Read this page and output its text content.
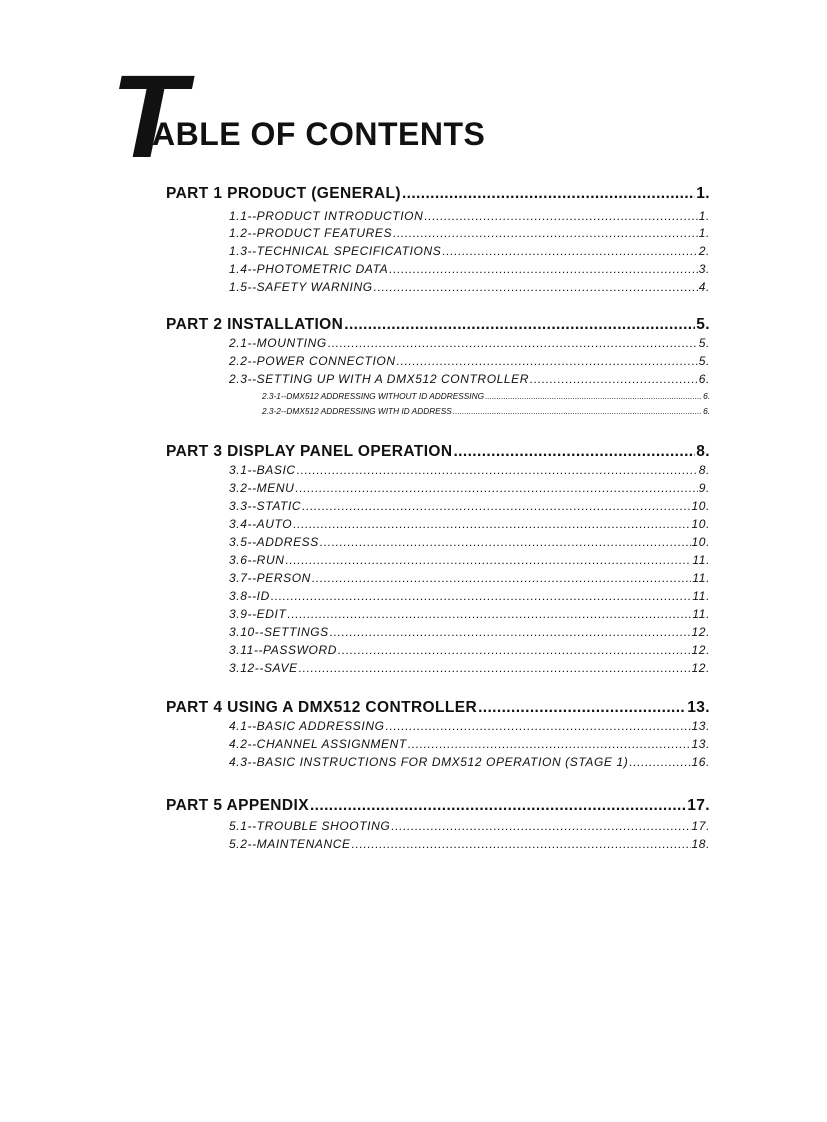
T
ABLE OF CONTENTS
PART 1 PRODUCT (GENERAL) .....	1.
1.1--PRODUCT INTRODUCTION .....	1.
1.2--PRODUCT FEATURES .....	1.
1.3--TECHNICAL SPECIFICATIONS .....	2.
1.4--PHOTOMETRIC DATA .....	3.
1.5--SAFETY WARNING .....	4.
PART 2 INSTALLATION .....	5.
2.1--MOUNTING .....	5.
2.2--POWER CONNECTION .....	5.
2.3--SETTING UP WITH A DMX512 CONTROLLER .....	6.
2.3-1--DMX512 ADDRESSING WITHOUT ID ADDRESSING .....	6.
2.3-2--DMX512 ADDRESSING WITH ID ADDRESS .....	6.
PART 3 DISPLAY PANEL OPERATION .....	8.
3.1--BASIC .....	8.
3.2--MENU .....	9.
3.3--STATIC .....	10.
3.4--AUTO .....	10.
3.5--ADDRESS .....	10.
3.6--RUN .....	11.
3.7--PERSON .....	11.
3.8--ID .....	11.
3.9--EDIT .....	11.
3.10--SETTINGS .....	12.
3.11--PASSWORD .....	12.
3.12--SAVE .....	12.
PART 4 USING A DMX512 CONTROLLER .....	13.
4.1--BASIC ADDRESSING .....	13.
4.2--CHANNEL ASSIGNMENT .....	13.
4.3--BASIC INSTRUCTIONS FOR DMX512 OPERATION (STAGE 1) .....	16.
PART 5 APPENDIX .....	17.
5.1--TROUBLE SHOOTING .....	17.
5.2--MAINTENANCE .....	18.
